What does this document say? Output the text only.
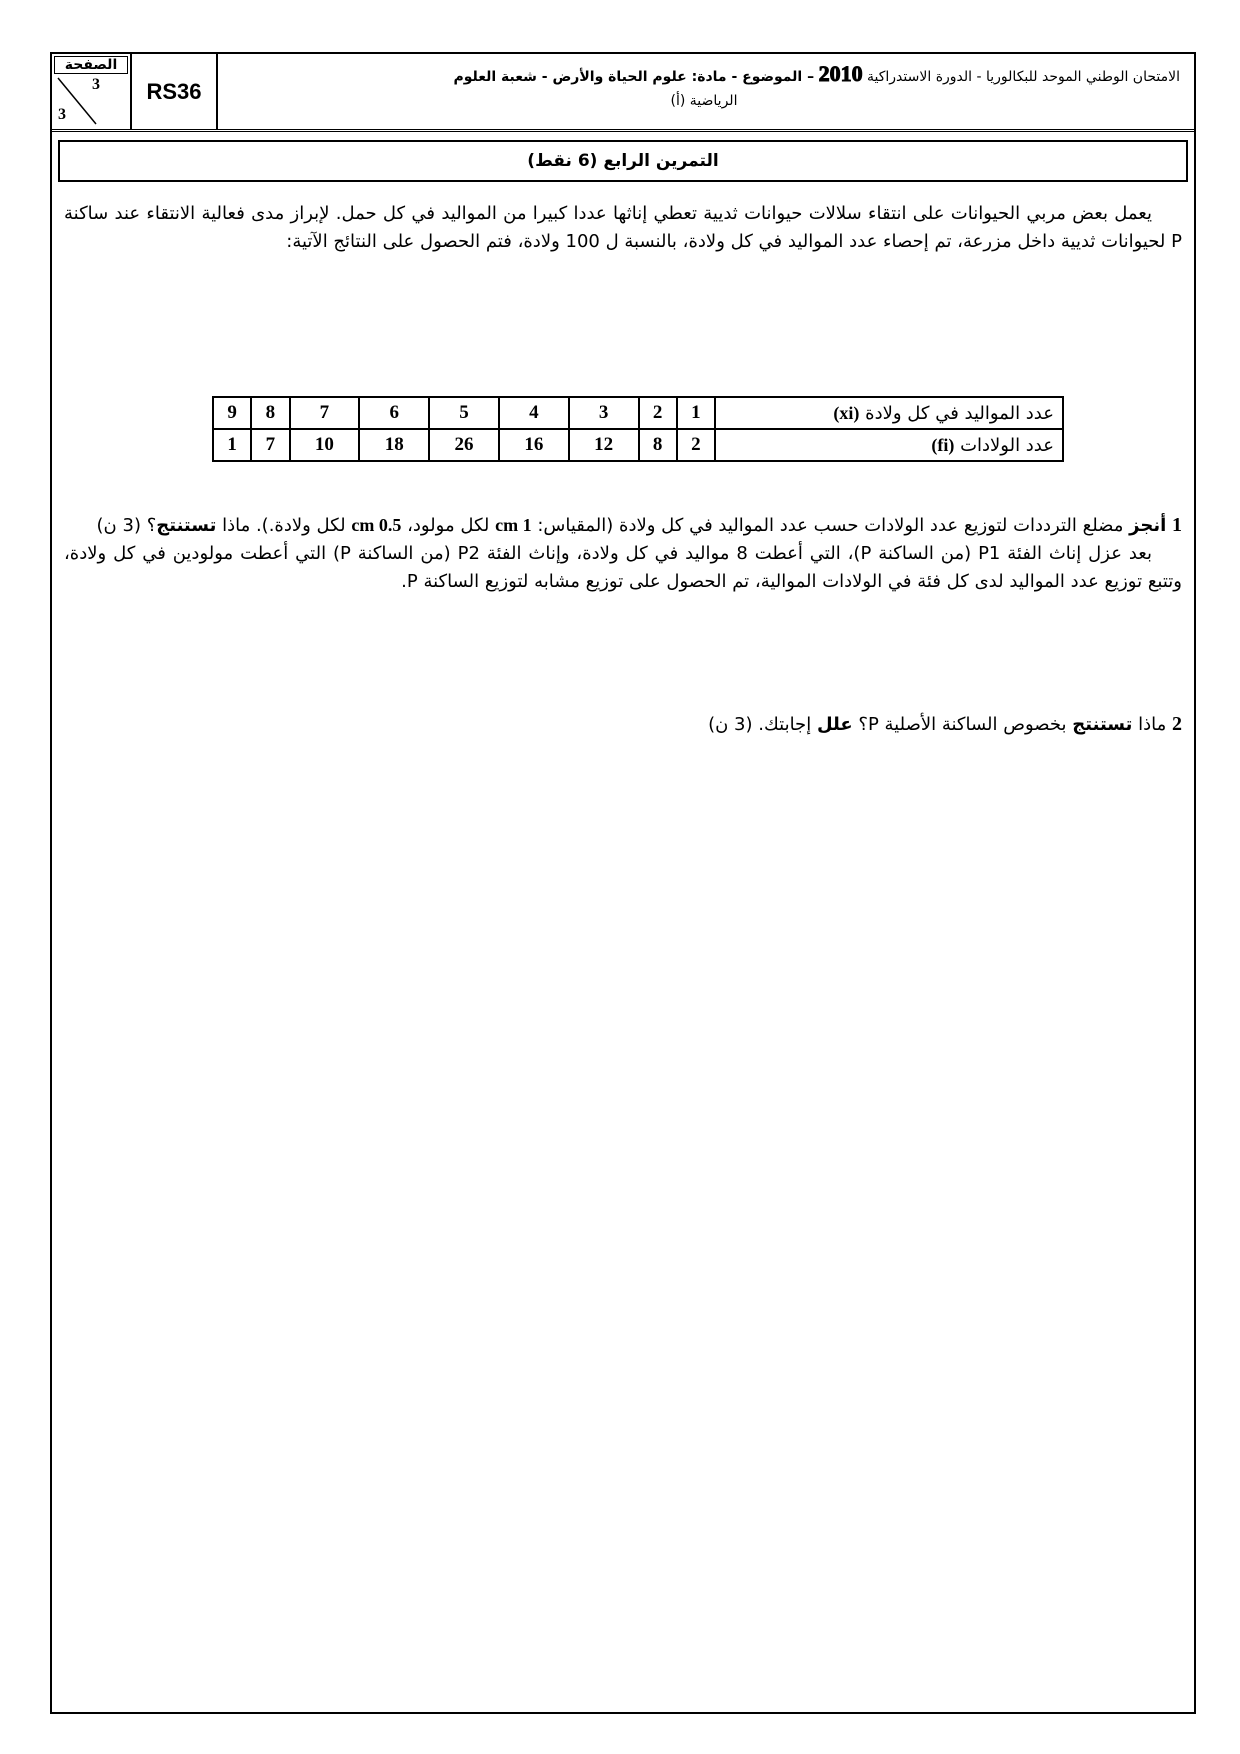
الصفحة
3
3
RS36
الامتحان الوطني الموحد للبكالوريا - الدورة الاستدراكية 2010 – الموضوع - مادة: علوم الحياة والأرض - شعبة العلوم
الرياضية (أ)
التمرين الرابع (6 نقط)
يعمل بعض مربي الحيوانات على انتقاء سلالات حيوانات ثديية تعطي إناثها عددا كبيرا من المواليد في كل حمل. لإبراز مدى فعالية الانتقاء عند ساكنة P لحيوانات ثديية داخل مزرعة، تم إحصاء عدد المواليد في كل ولادة، بالنسبة ل 100 ولادة، فتم الحصول على النتائج الآتية:
عدد المواليد في كل ولادة (xi)	1	2	3	4	5	6	7	8	9
عدد الولادات (fi)	2	8	12	16	26	18	10	7	1
1 أنجز مضلع الترددات لتوزيع عدد الولادات حسب عدد المواليد في كل ولادة (المقياس: 1 cm لكل مولود، 0.5 cm لكل ولادة.). ماذا تستنتج؟ (3 ن)
بعد عزل إناث الفئة P1 (من الساكنة P)، التي أعطت 8 مواليد في كل ولادة، وإناث الفئة P2 (من الساكنة P) التي أعطت مولودين في كل ولادة، وتتبع توزيع عدد المواليد لدى كل فئة في الولادات الموالية، تم الحصول على توزيع مشابه لتوزيع الساكنة P.
2 ماذا تستنتج بخصوص الساكنة الأصلية P؟ علل إجابتك. (3 ن)
